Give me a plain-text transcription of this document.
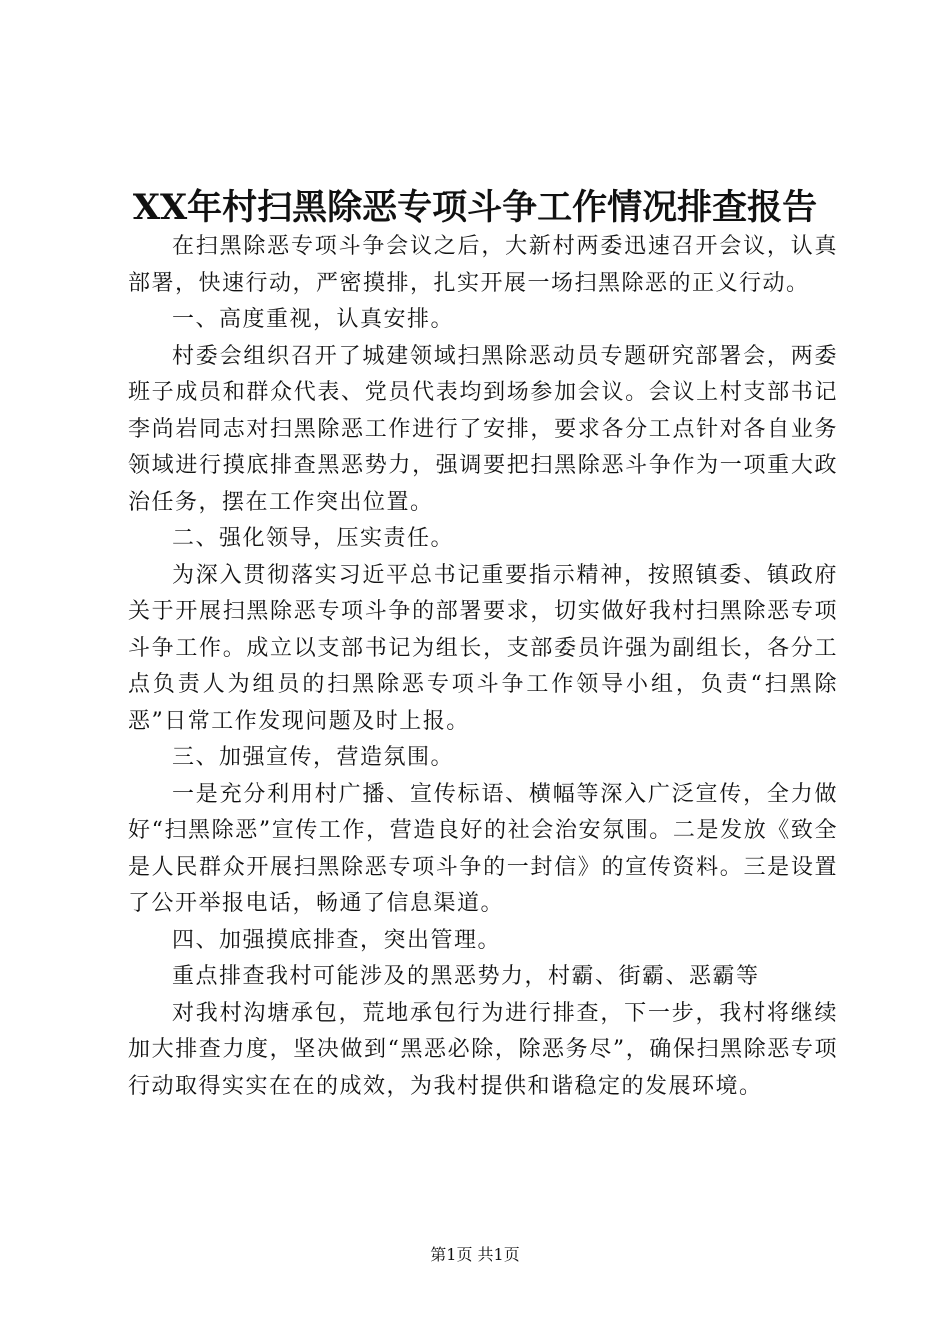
XX年村扫黑除恶专项斗争工作情况排查报告

在扫黑除恶专项斗争会议之后，大新村两委迅速召开会议，认真部署，快速行动，严密摸排，扎实开展一场扫黑除恶的正义行动。

一、高度重视，认真安排。

村委会组织召开了城建领域扫黑除恶动员专题研究部署会，两委班子成员和群众代表、党员代表均到场参加会议。会议上村支部书记李尚岩同志对扫黑除恶工作进行了安排，要求各分工点针对各自业务领域进行摸底排查黑恶势力，强调要把扫黑除恶斗争作为一项重大政治任务，摆在工作突出位置。

二、强化领导，压实责任。

为深入贯彻落实习近平总书记重要指示精神，按照镇委、镇政府关于开展扫黑除恶专项斗争的部署要求，切实做好我村扫黑除恶专项斗争工作。成立以支部书记为组长，支部委员许强为副组长，各分工点负责人为组员的扫黑除恶专项斗争工作领导小组，负责“扫黑除恶”日常工作发现问题及时上报。

三、加强宣传，营造氛围。

一是充分利用村广播、宣传标语、横幅等深入广泛宣传，全力做好“扫黑除恶”宣传工作，营造良好的社会治安氛围。二是发放《致全是人民群众开展扫黑除恶专项斗争的一封信》的宣传资料。三是设置了公开举报电话，畅通了信息渠道。

四、加强摸底排查，突出管理。

重点排查我村可能涉及的黑恶势力，村霸、街霸、恶霸等

对我村沟塘承包，荒地承包行为进行排查，下一步，我村将继续加大排查力度，坚决做到“黑恶必除，除恶务尽”，确保扫黑除恶专项行动取得实实在在的成效，为我村提供和谐稳定的发展环境。

第1页 共1页
